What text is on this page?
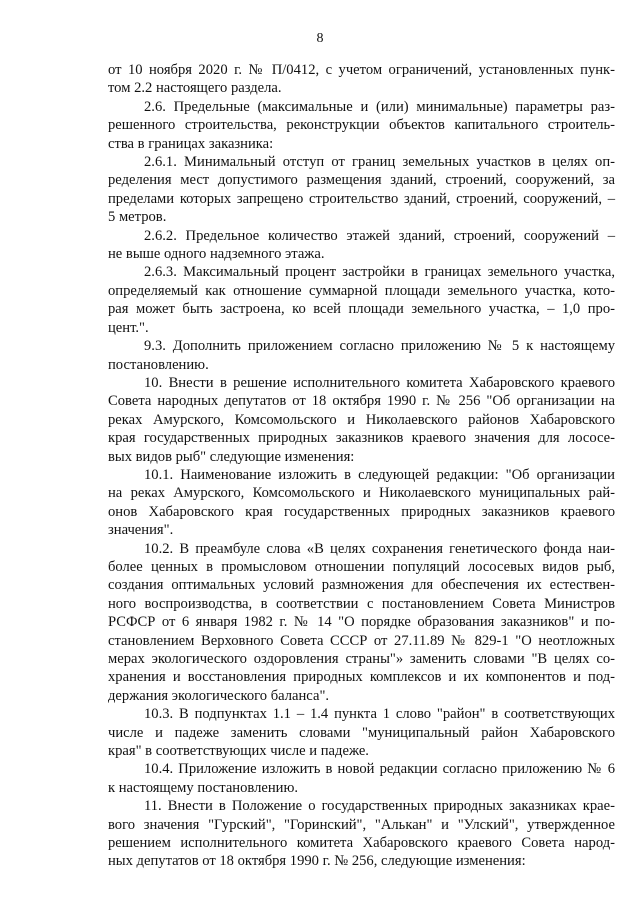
8
от 10 ноября 2020 г. № П/0412, с учетом ограничений, установленных пунк-
том 2.2 настоящего раздела.
2.6. Предельные (максимальные и (или) минимальные) параметры раз-
решенного строительства, реконструкции объектов капитального строитель-
ства в границах заказника:
2.6.1. Минимальный отступ от границ земельных участков в целях оп-
ределения мест допустимого размещения зданий, строений, сооружений, за
пределами которых запрещено строительство зданий, строений, сооружений, –
5 метров.
2.6.2. Предельное количество этажей зданий, строений, сооружений –
не выше одного надземного этажа.
2.6.3. Максимальный процент застройки в границах земельного участка,
определяемый как отношение суммарной площади земельного участка, кото-
рая может быть застроена, ко всей площади земельного участка, – 1,0 про-
цент.".
9.3. Дополнить приложением согласно приложению № 5 к настоящему
постановлению.
10. Внести в решение исполнительного комитета Хабаровского краевого
Совета народных депутатов от 18 октября 1990 г. № 256 "Об организации на
реках Амурского, Комсомольского и Николаевского районов Хабаровского
края государственных природных заказников краевого значения для лососе-
вых видов рыб" следующие изменения:
10.1. Наименование изложить в следующей редакции: "Об организации
на реках Амурского, Комсомольского и Николаевского муниципальных рай-
онов Хабаровского края государственных природных заказников краевого
значения".
10.2. В преамбуле слова «В целях сохранения генетического фонда наи-
более ценных в промысловом отношении популяций лососевых видов рыб,
создания оптимальных условий размножения для обеспечения их естествен-
ного воспроизводства, в соответствии с постановлением Совета Министров
РСФСР от 6 января 1982 г. № 14 "О порядке образования заказников" и по-
становлением Верховного Совета СССР от 27.11.89 № 829-1 "О неотложных
мерах экологического оздоровления страны"» заменить словами "В целях со-
хранения и восстановления природных комплексов и их компонентов и под-
держания экологического баланса".
10.3. В подпунктах 1.1 – 1.4 пункта 1 слово "район" в соответствующих
числе и падеже заменить словами "муниципальный район Хабаровского
края" в соответствующих числе и падеже.
10.4. Приложение изложить в новой редакции согласно приложению № 6
к настоящему постановлению.
11. Внести в Положение о государственных природных заказниках крае-
вого значения "Гурский", "Горинский", "Алькан" и "Улский", утвержденное
решением исполнительного комитета Хабаровского краевого Совета народ-
ных депутатов от 18 октября 1990 г. № 256, следующие изменения:
